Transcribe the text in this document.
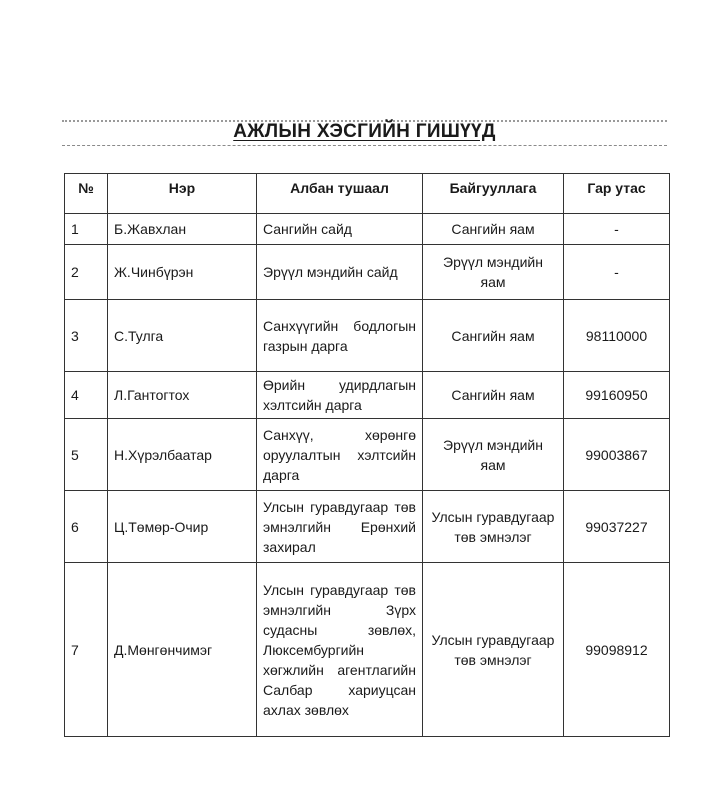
АЖЛЫН ХЭСГИЙН ГИШҮҮД
№	Нэр	Албан тушаал	Байгууллага	Гар утас
1	Б.Жавхлан	Сангийн сайд	Сангийн яам	-
2	Ж.Чинбүрэн	Эрүүл мэндийн сайд	Эрүүл мэндийн яам	-
3	С.Тулга	Санхүүгийн бодлогын газрын дарга	Сангийн яам	98110000
4	Л.Гантогтох	Өрийн удирдлагын хэлтсийн дарга	Сангийн яам	99160950
5	Н.Хүрэлбаатар	Санхүү, хөрөнгө оруулалтын хэлтсийн дарга	Эрүүл мэндийн яам	99003867
6	Ц.Төмөр-Очир	Улсын гуравдугаар төв эмнэлгийн Ерөнхий захирал	Улсын гуравдугаар төв эмнэлэг	99037227
7	Д.Мөнгөнчимэг	Улсын гуравдугаар төв эмнэлгийн Зүрх судасны зөвлөх, Люксембургийн хөгжлийн агентлагийн Салбар хариуцсан ахлах зөвлөх	Улсын гуравдугаар төв эмнэлэг	99098912
